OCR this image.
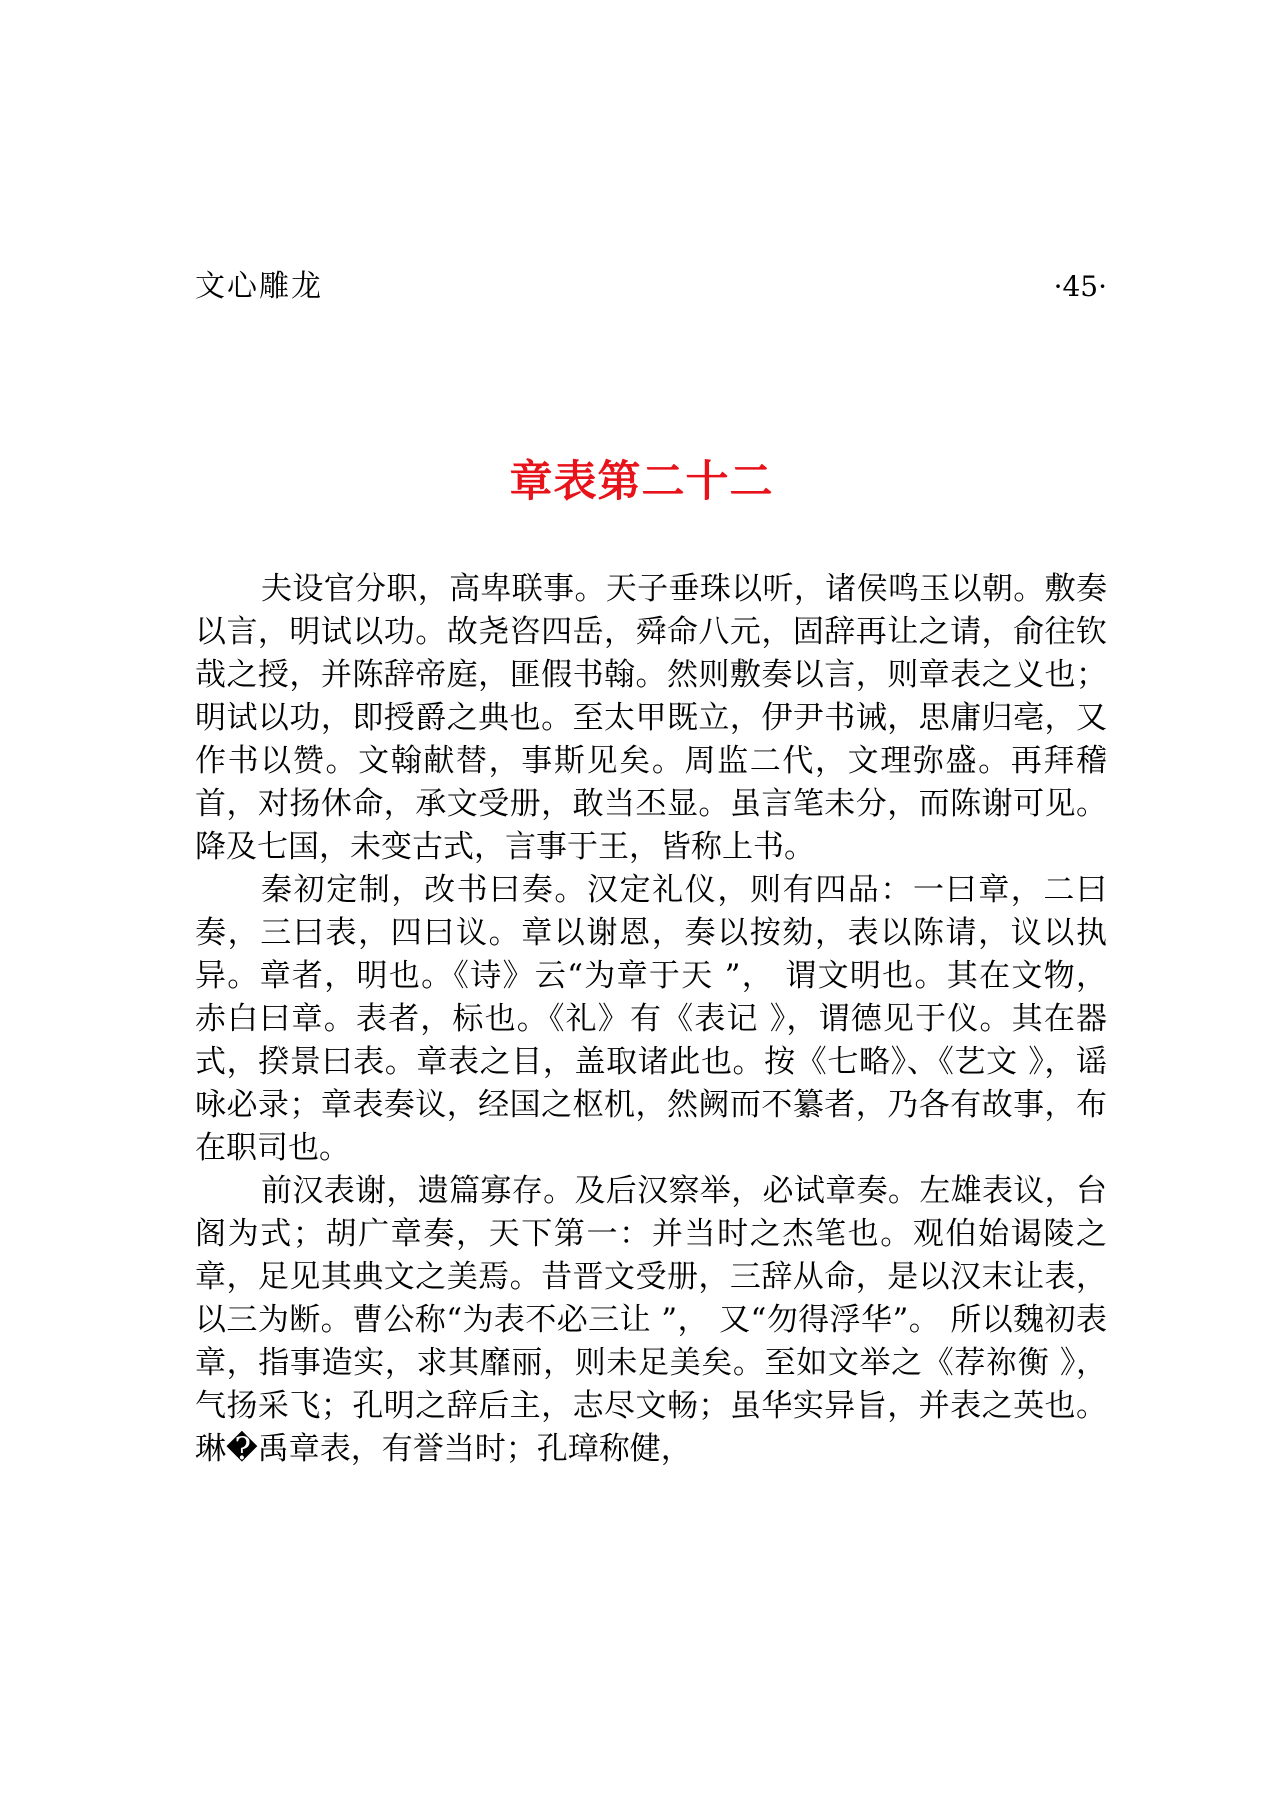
文心雕龙	·45·
章表第二十二

夫设官分职，高卑联事。天子垂珠以听，诸侯鸣玉以朝。敷奏以言，明试以功。故尧咨四岳，舜命八元，固辞再让之请，俞往钦哉之授，并陈辞帝庭，匪假书翰。然则敷奏以言，则章表之义也；明试以功，即授爵之典也。至太甲既立，伊尹书诫，思庸归亳，又作书以赞。文翰献替，事斯见矣。周监二代，文理弥盛。再拜稽首，对扬休命，承文受册，敢当丕显。虽言笔未分，而陈谢可见。降及七国，未变古式，言事于王，皆称上书。

秦初定制，改书曰奏。汉定礼仪，则有四品：一曰章，二曰奏，三曰表，四曰议。章以谢恩，奏以按劾，表以陈请，议以执异。章者，明也。《诗》云“为章于天 ”， 谓文明也。其在文物， 赤白曰章。表者，标也。《礼》有《表记 》，谓德见于仪。其在器式，揆景曰表。章表之目，盖取诸此也。按《七略》、《艺文 》，谣咏必录；章表奏议，经国之枢机，然阙而不纂者，乃各有故事，布在职司也。

前汉表谢，遗篇寡存。及后汉察举，必试章奏。左雄表议，台阁为式；胡广章奏，天下第一：并当时之杰笔也。观伯始谒陵之章，足见其典文之美焉。昔晋文受册，三辞从命，是以汉末让表， 以三为断。曹公称“为表不必三让 ”， 又“勿得浮华”。 所以魏初表章，指事造实，求其靡丽，则未足美矣。至如文举之《荐祢衡 》，气扬采飞；孔明之辞后主，志尽文畅；虽华实异旨，并表之英也。琳�禹章表，有誉当时；孔璋称健，
